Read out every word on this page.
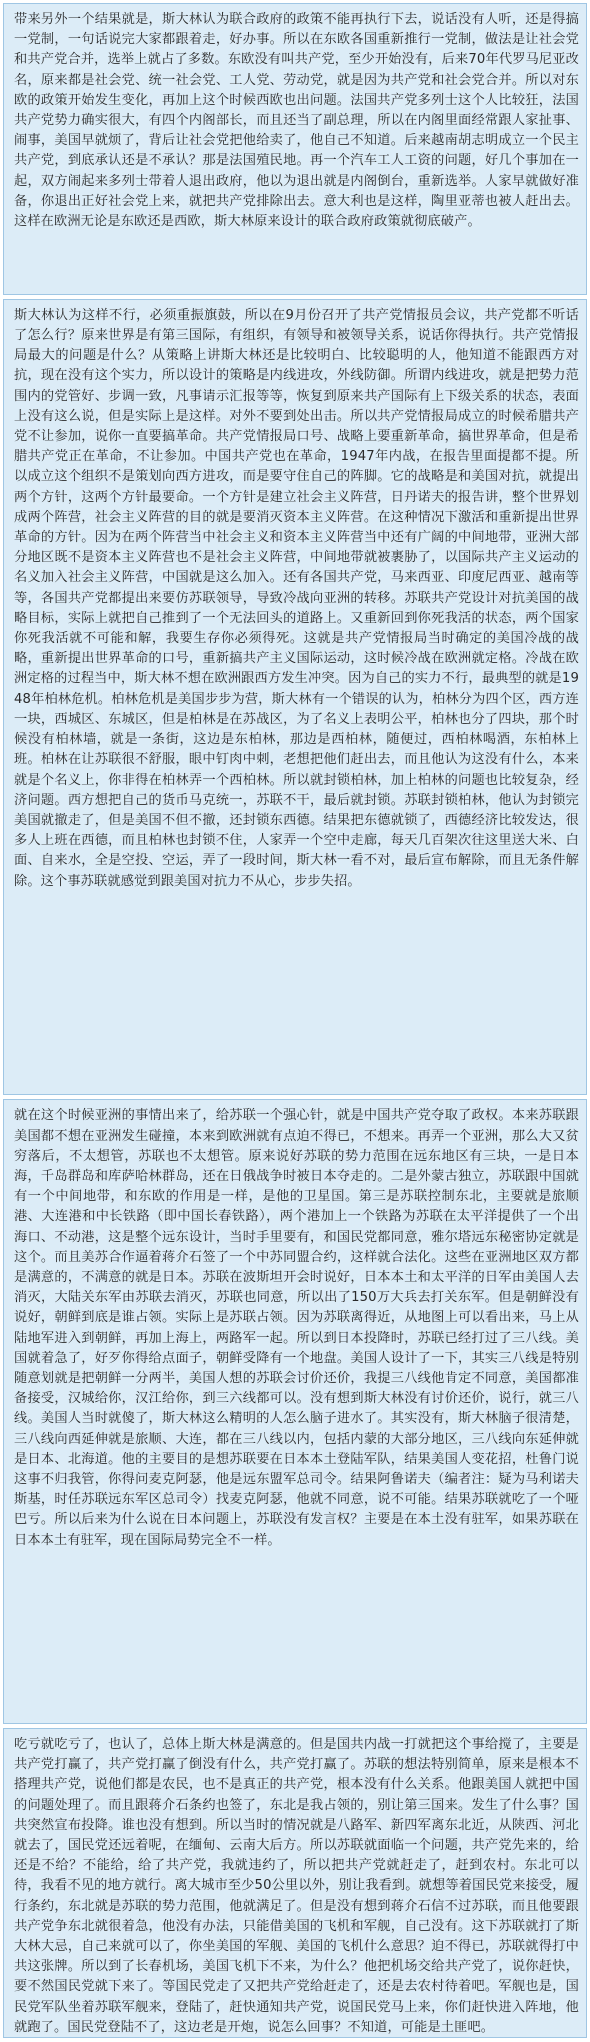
带来另外一个结果就是，斯大林认为联合政府的政策不能再执行下去，说话没有人听，还是得搞一党制，一句话说完大家都跟着走，好办事。所以在东欧各国重新推行一党制，做法是让社会党和共产党合并，选举上就占了多数。东欧没有叫共产党，至少开始没有，后来70年代罗马尼亚改名，原来都是社会党、统一社会党、工人党、劳动党，就是因为共产党和社会党合并。所以对东欧的政策开始发生变化，再加上这个时候西欧也出问题。法国共产党多列士这个人比较狂，法国共产党势力确实很大，有四个内阁部长，而且还当了副总理，所以在内阁里面经常跟人家扯事、闹事，美国早就烦了，背后让社会党把他给卖了，他自己不知道。后来越南胡志明成立一个民主共产党，到底承认还是不承认？那是法国殖民地。再一个汽车工人工资的问题，好几个事加在一起，双方闹起来多列士带着人退出政府，他以为退出就是内阁倒台，重新选举。人家早就做好准备，你退出正好社会党上来，就把共产党排除出去。意大利也是这样，陶里亚蒂也被人赶出去。这样在欧洲无论是东欧还是西欧，斯大林原来设计的联合政府政策就彻底破产。

斯大林认为这样不行，必须重振旗鼓，所以在9月份召开了共产党情报员会议，共产党都不听话了怎么行？原来世界是有第三国际，有组织，有领导和被领导关系，说话你得执行。共产党情报局最大的问题是什么？从策略上讲斯大林还是比较明白、比较聪明的人，他知道不能跟西方对抗，现在没有这个实力，所以设计的策略是内线进攻，外线防御。所谓内线进攻，就是把势力范围内的党管好、步调一致，凡事请示汇报等等，恢复到原来共产国际有上下级关系的状态，表面上没有这么说，但是实际上是这样。对外不要到处出击。所以共产党情报局成立的时候希腊共产党不让参加，说你一直要搞革命。共产党情报局口号、战略上要重新革命，搞世界革命，但是希腊共产党正在革命，不让参加。中国共产党也在革命，1947年内战，在报告里面提都不提。所以成立这个组织不是策划向西方进攻，而是要守住自己的阵脚。它的战略是和美国对抗，就提出两个方针，这两个方针最要命。一个方针是建立社会主义阵营，日丹诺夫的报告讲，整个世界划成两个阵营，社会主义阵营的目的就是要消灭资本主义阵营。在这种情况下激活和重新提出世界革命的方针。因为在两个阵营当中社会主义和资本主义阵营当中还有广阔的中间地带，亚洲大部分地区既不是资本主义阵营也不是社会主义阵营，中间地带就被裹胁了，以国际共产主义运动的名义加入社会主义阵营，中国就是这么加入。还有各国共产党，马来西亚、印度尼西亚、越南等等，各国共产党都提出来要仿苏联领导，导致冷战向亚洲的转移。苏联共产党设计对抗美国的战略目标，实际上就把自己推到了一个无法回头的道路上。又重新回到你死我活的状态，两个国家你死我活就不可能和解，我要生存你必须得死。这就是共产党情报局当时确定的美国冷战的战略，重新提出世界革命的口号，重新搞共产主义国际运动，这时候冷战在欧洲就定格。冷战在欧洲定格的过程当中，斯大林不想在欧洲跟西方发生冲突。因为自己的实力不行，最典型的就是1948年柏林危机。柏林危机是美国步步为营，斯大林有一个错误的认为，柏林分为四个区，西方连一块，西城区、东城区，但是柏林是在苏战区，为了名义上表明公平，柏林也分了四块，那个时候没有柏林墙，就是一条街，这边是东柏林，那边是西柏林，随便过，西柏林喝酒，东柏林上班。柏林在让苏联很不舒服，眼中钉肉中刺，老想把他们赶出去，而且他认为这没有什么，本来就是个名义上，你非得在柏林弄一个西柏林。所以就封锁柏林，加上柏林的问题也比较复杂，经济问题。西方想把自己的货币马克统一，苏联不干，最后就封锁。苏联封锁柏林，他认为封锁完美国就撤走了，但是美国不但不撤，还封锁东西德。结果把东德就锁了，西德经济比较发达，很多人上班在西德，而且柏林也封锁不住，人家弄一个空中走廊，每天几百架次往这里送大米、白面、自来水，全是空投、空运，弄了一段时间，斯大林一看不对，最后宣布解除，而且无条件解除。这个事苏联就感觉到跟美国对抗力不从心，步步失招。

就在这个时候亚洲的事情出来了，给苏联一个强心针，就是中国共产党夺取了政权。本来苏联跟美国都不想在亚洲发生碰撞，本来到欧洲就有点迫不得已，不想来。再弄一个亚洲，那么大又贫穷落后，不太想管，苏联也不太想管。原来说好苏联的势力范围在远东地区有三块，一是日本海，千岛群岛和库萨哈林群岛，还在日俄战争时被日本夺走的。二是外蒙古独立，苏联跟中国就有一个中间地带，和东欧的作用是一样，是他的卫星国。第三是苏联控制东北，主要就是旅顺港、大连港和中长铁路（即中国长春铁路），两个港加上一个铁路为苏联在太平洋提供了一个出海口、不动港，这是整个远东设计，当时手里要有，和国民党都同意，雅尔塔远东秘密协定就是这个。而且美苏合作逼着蒋介石签了一个中苏同盟合约，这样就合法化。这些在亚洲地区双方都是满意的，不满意的就是日本。苏联在波斯坦开会时说好，日本本土和太平洋的日军由美国人去消灭，大陆关东军由苏联去消灭，苏联也同意，所以出了150万大兵去打关东军。但是朝鲜没有说好，朝鲜到底是谁占领。实际上是苏联占领。因为苏联离得近，从地图上可以看出来，马上从陆地军进入到朝鲜，再加上海上，两路军一起。所以到日本投降时，苏联已经打过了三八线。美国就着急了，好歹你得给点面子，朝鲜受降有一个地盘。美国人设计了一下，其实三八线是特别随意划就是把朝鲜一分两半，美国人想的苏联会讨价还价，我提三八线他肯定不同意，美国都准备接受，汉城给你，汉江给你，到三六线都可以。没有想到斯大林没有讨价还价，说行，就三八线。美国人当时就傻了，斯大林这么精明的人怎么脑子进水了。其实没有，斯大林脑子很清楚，三八线向西延伸就是旅顺、大连，都在三八线以内，包括内蒙的大部分地区，三八线向东延伸就是日本、北海道。他的主要目的是想苏联要在日本本土登陆军队，结果美国人变花招，杜鲁门说这事不归我管，你得问麦克阿瑟，他是远东盟军总司令。结果阿鲁诺夫（编者注：疑为马利诺夫斯基，时任苏联远东军区总司令）找麦克阿瑟，他就不同意，说不可能。结果苏联就吃了一个哑巴亏。所以后来为什么说在日本问题上，苏联没有发言权？主要是在本土没有驻军，如果苏联在日本本土有驻军，现在国际局势完全不一样。

吃亏就吃亏了，也认了，总体上斯大林是满意的。但是国共内战一打就把这个事给搅了，主要是共产党打赢了，共产党打赢了倒没有什么，共产党打赢了。苏联的想法特别简单，原来是根本不搭理共产党，说他们都是农民，也不是真正的共产党，根本没有什么关系。他跟美国人就把中国的问题处理了。而且跟蒋介石条约也签了，东北是我占领的，别让第三国来。发生了什么事？国共突然宣布投降。谁也没有想到。所以当时的情况就是八路军、新四军离东北近，从陕西、河北就去了，国民党还远着呢，在缅甸、云南大后方。所以苏联就面临一个问题，共产党先来的，给还是不给？不能给，给了共产党，我就违约了，所以把共产党就赶走了，赶到农村。东北可以待，我看不见的地方就行。离大城市至少50公里以外，别让我看到。就想等着国民党来接受，履行条约，东北就是苏联的势力范围，他就满足了。但是没有想到蒋介石信不过苏联，而且他要跟共产党争东北就很着急，他没有办法，只能借美国的飞机和军舰，自己没有。这下苏联就打了斯大林大忌，自己来就可以了，你坐美国的军舰、美国的飞机什么意思？迫不得已，苏联就得打中共这张牌。所以到了长春机场，美国飞机下不来，为什么？他把机场交给共产党了，说你赶快，要不然国民党就下来了。等国民党走了又把共产党给赶走了，还是去农村待着吧。军舰也是，国民党军队坐着苏联军舰来，登陆了，赶快通知共产党，说国民党马上来，你们赶快进入阵地，他就跑了。国民党登陆不了，这边老是开炮，说怎么回事？不知道，可能是土匪吧。
